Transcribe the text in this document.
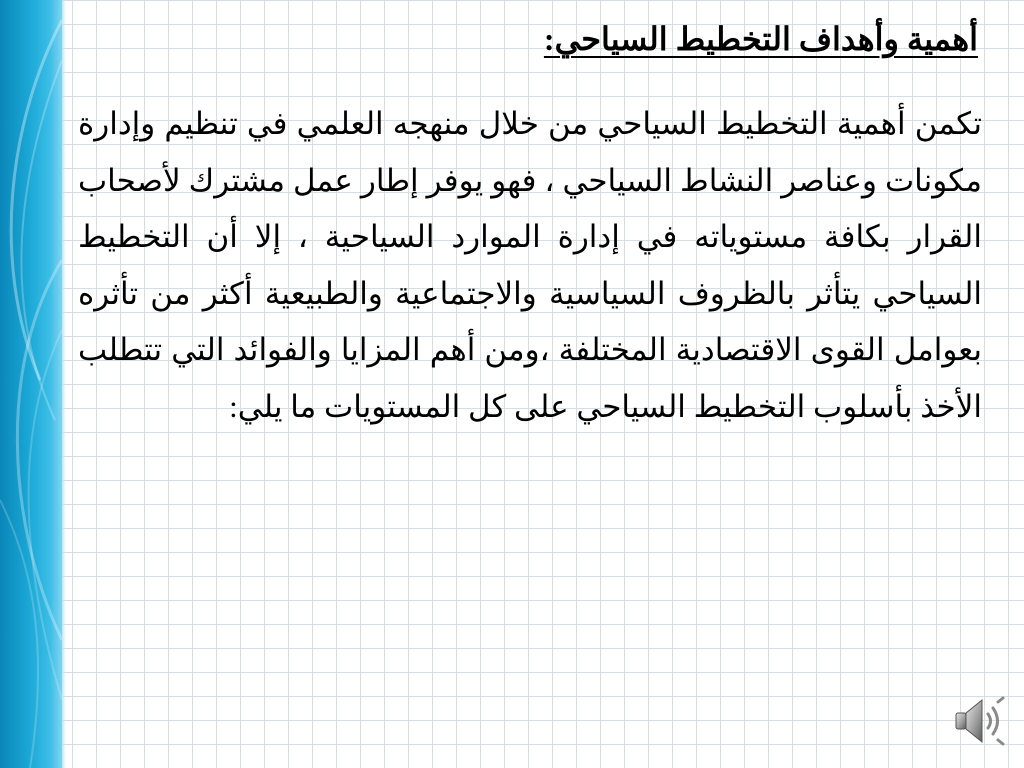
أهمية وأهداف التخطيط السياحي:

تكمن أهمية التخطيط السياحي من خلال منهجه العلمي في تنظيم وإدارة مكونات وعناصر النشاط السياحي ، فهو يوفر إطار عمل مشترك لأصحاب القرار بكافة مستوياته في إدارة الموارد السياحية ، إلا أن التخطيط السياحي يتأثر بالظروف السياسية والاجتماعية والطبيعية أكثر من تأثره بعوامل القوى الاقتصادية المختلفة ،ومن أهم المزايا والفوائد التي تتطلب الأخذ بأسلوب التخطيط السياحي على كل المستويات ما يلي:
